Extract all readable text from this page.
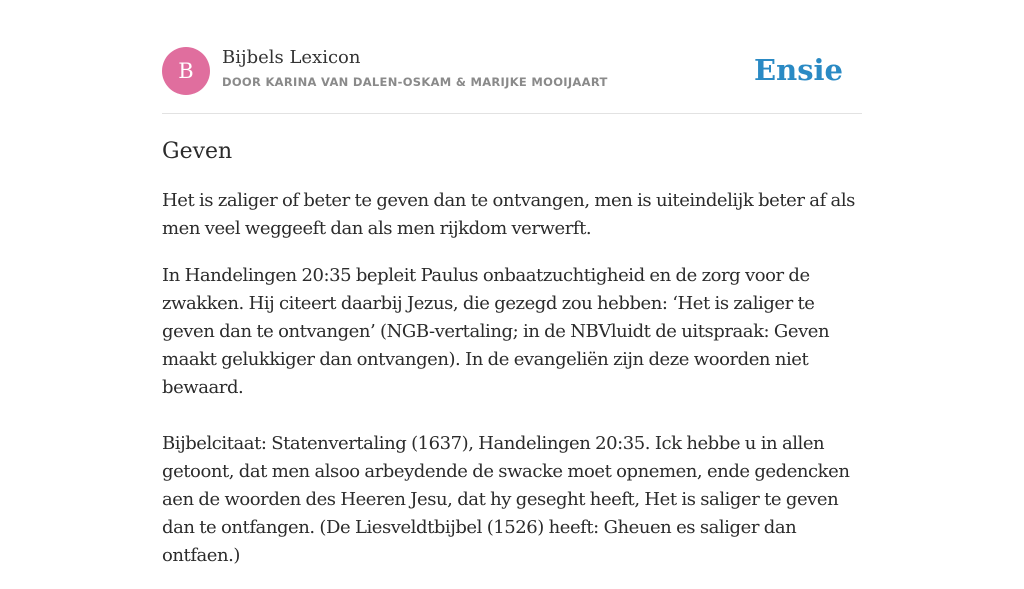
B
Bijbels Lexicon
DOOR KARINA VAN DALEN-OSKAM & MARIJKE MOOIJAART	Ensie
Geven

Het is zaliger of beter te geven dan te ontvangen, men is uiteindelijk beter af als men veel weggeeft dan als men rijkdom verwerft.

In Handelingen 20:35 bepleit Paulus onbaatzuchtigheid en de zorg voor de zwakken. Hij citeert daarbij Jezus, die gezegd zou hebben: ‘Het is zaliger te geven dan te ontvangen’ (NGB-vertaling; in de NBVluidt de uitspraak: Geven maakt gelukkiger dan ontvangen). In de evangeliën zijn deze woorden niet bewaard.

Bijbelcitaat: Statenvertaling (1637), Handelingen 20:35. Ick hebbe u in allen getoont, dat men alsoo arbeydende de swacke moet opnemen, ende gedencken aen de woorden des Heeren Jesu, dat hy geseght heeft, Het is saliger te geven dan te ontfangen. (De Liesveldtbijbel (1526) heeft: Gheuen es saliger dan ontfaen.)
